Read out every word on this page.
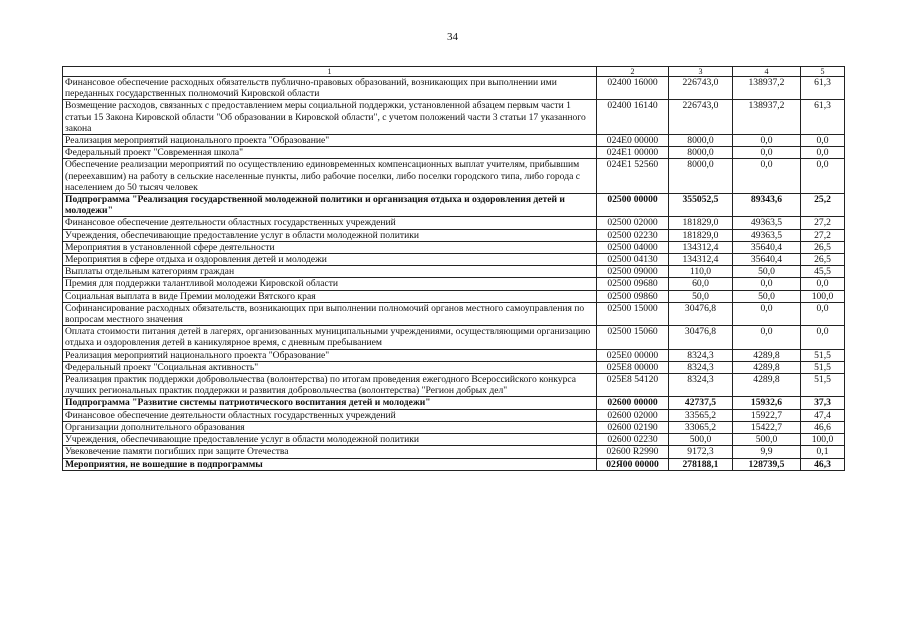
34
1	2	3	4	5
Финансовое обеспечение расходных обязательств публично-правовых образований, возникающих при выполнении ими переданных государственных полномочий Кировской области	02400 16000	226743,0	138937,2	61,3
Возмещение расходов, связанных с предоставлением меры социальной поддержки, установленной абзацем первым части 1 статьи 15 Закона Кировской области "Об образовании в Кировской области", с учетом положений части 3 статьи 17 указанного закона	02400 16140	226743,0	138937,2	61,3
Реализация мероприятий национального проекта "Образование"	024Е0 00000	8000,0	0,0	0,0
Федеральный проект "Современная школа"	024Е1 00000	8000,0	0,0	0,0
Обеспечение реализации мероприятий по осуществлению единовременных компенсационных выплат учителям, прибывшим (переехавшим) на работу в сельские населенные пункты, либо рабочие поселки, либо поселки городского типа, либо города с населением до 50 тысяч человек	024Е1 52560	8000,0	0,0	0,0
Подпрограмма "Реализация государственной молодежной политики и организация отдыха и оздоровления детей и молодежи"	02500 00000	355052,5	89343,6	25,2
Финансовое обеспечение деятельности областных государственных учреждений	02500 02000	181829,0	49363,5	27,2
Учреждения, обеспечивающие предоставление услуг в области молодежной политики	02500 02230	181829,0	49363,5	27,2
Мероприятия в установленной сфере деятельности	02500 04000	134312,4	35640,4	26,5
Мероприятия в сфере отдыха и оздоровления детей и молодежи	02500 04130	134312,4	35640,4	26,5
Выплаты отдельным категориям граждан	02500 09000	110,0	50,0	45,5
Премия для поддержки талантливой молодежи Кировской области	02500 09680	60,0	0,0	0,0
Социальная выплата в виде Премии молодежи Вятского края	02500 09860	50,0	50,0	100,0
Софинансирование расходных обязательств, возникающих при выполнении полномочий органов местного самоуправления по вопросам местного значения	02500 15000	30476,8	0,0	0,0
Оплата стоимости питания детей в лагерях, организованных муниципальными учреждениями, осуществляющими организацию отдыха и оздоровления детей в каникулярное время, с дневным пребыванием	02500 15060	30476,8	0,0	0,0
Реализация мероприятий национального проекта "Образование"	025Е0 00000	8324,3	4289,8	51,5
Федеральный проект "Социальная активность"	025Е8 00000	8324,3	4289,8	51,5
Реализация практик поддержки добровольчества (волонтерства) по итогам проведения ежегодного Всероссийского конкурса лучших региональных практик поддержки и развития добровольчества (волонтерства) "Регион добрых дел"	025Е8 54120	8324,3	4289,8	51,5
Подпрограмма "Развитие системы патриотического воспитания детей и молодежи"	02600 00000	42737,5	15932,6	37,3
Финансовое обеспечение деятельности областных государственных учреждений	02600 02000	33565,2	15922,7	47,4
Организации дополнительного образования	02600 02190	33065,2	15422,7	46,6
Учреждения, обеспечивающие предоставление услуг в области молодежной политики	02600 02230	500,0	500,0	100,0
Увековечение памяти погибших при защите Отечества	02600 R2990	9172,3	9,9	0,1
Мероприятия, не вошедшие в подпрограммы	02Я00 00000	278188,1	128739,5	46,3
